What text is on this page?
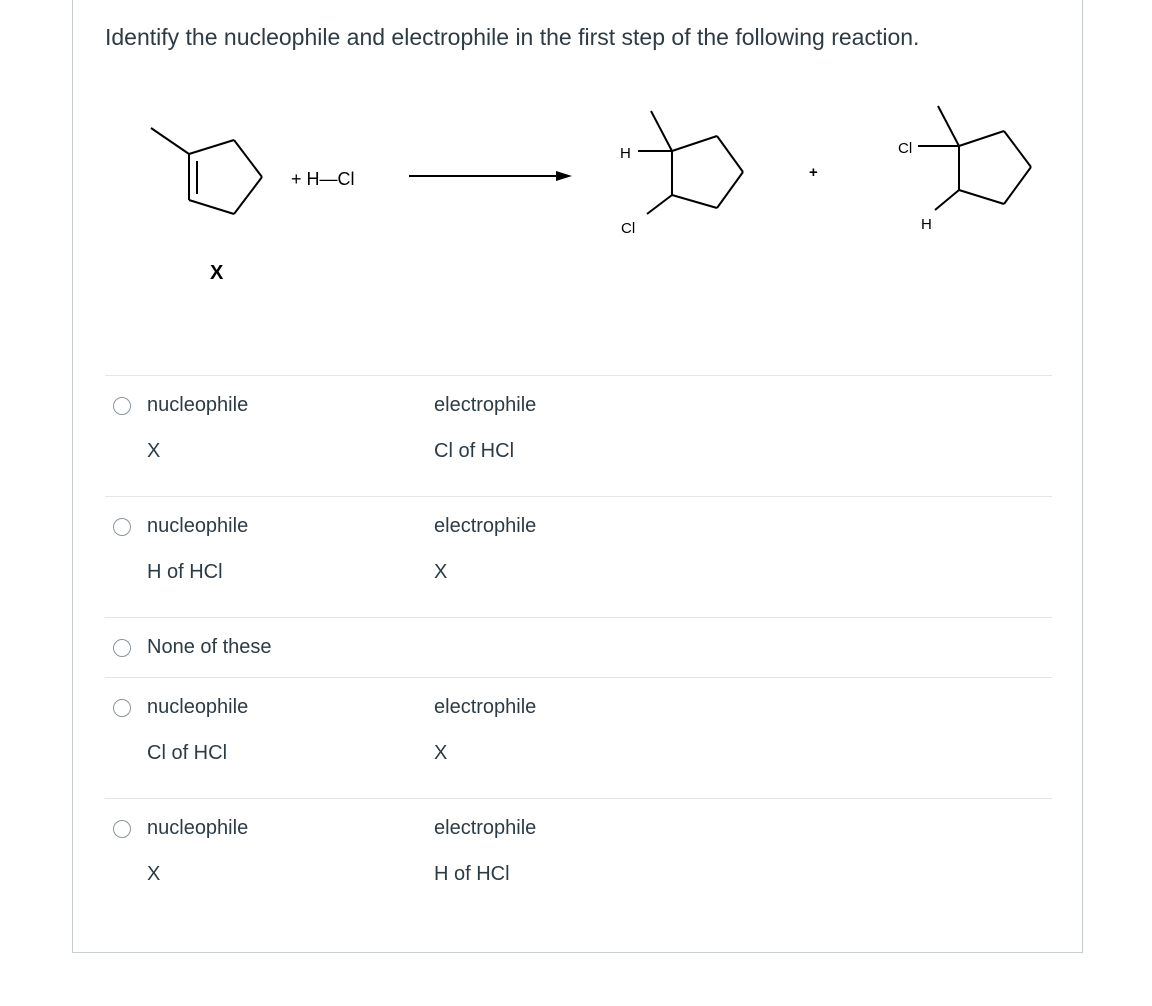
Identify the nucleophile and electrophile in the first step of the following reaction.
X
+ H—Cl
H
Cl
+
Cl
H
nucleophile	electrophile
X	Cl of HCl
nucleophile	electrophile
H of HCl	X
None of these
nucleophile	electrophile
Cl of HCl	X
nucleophile	electrophile
X	H of HCl
